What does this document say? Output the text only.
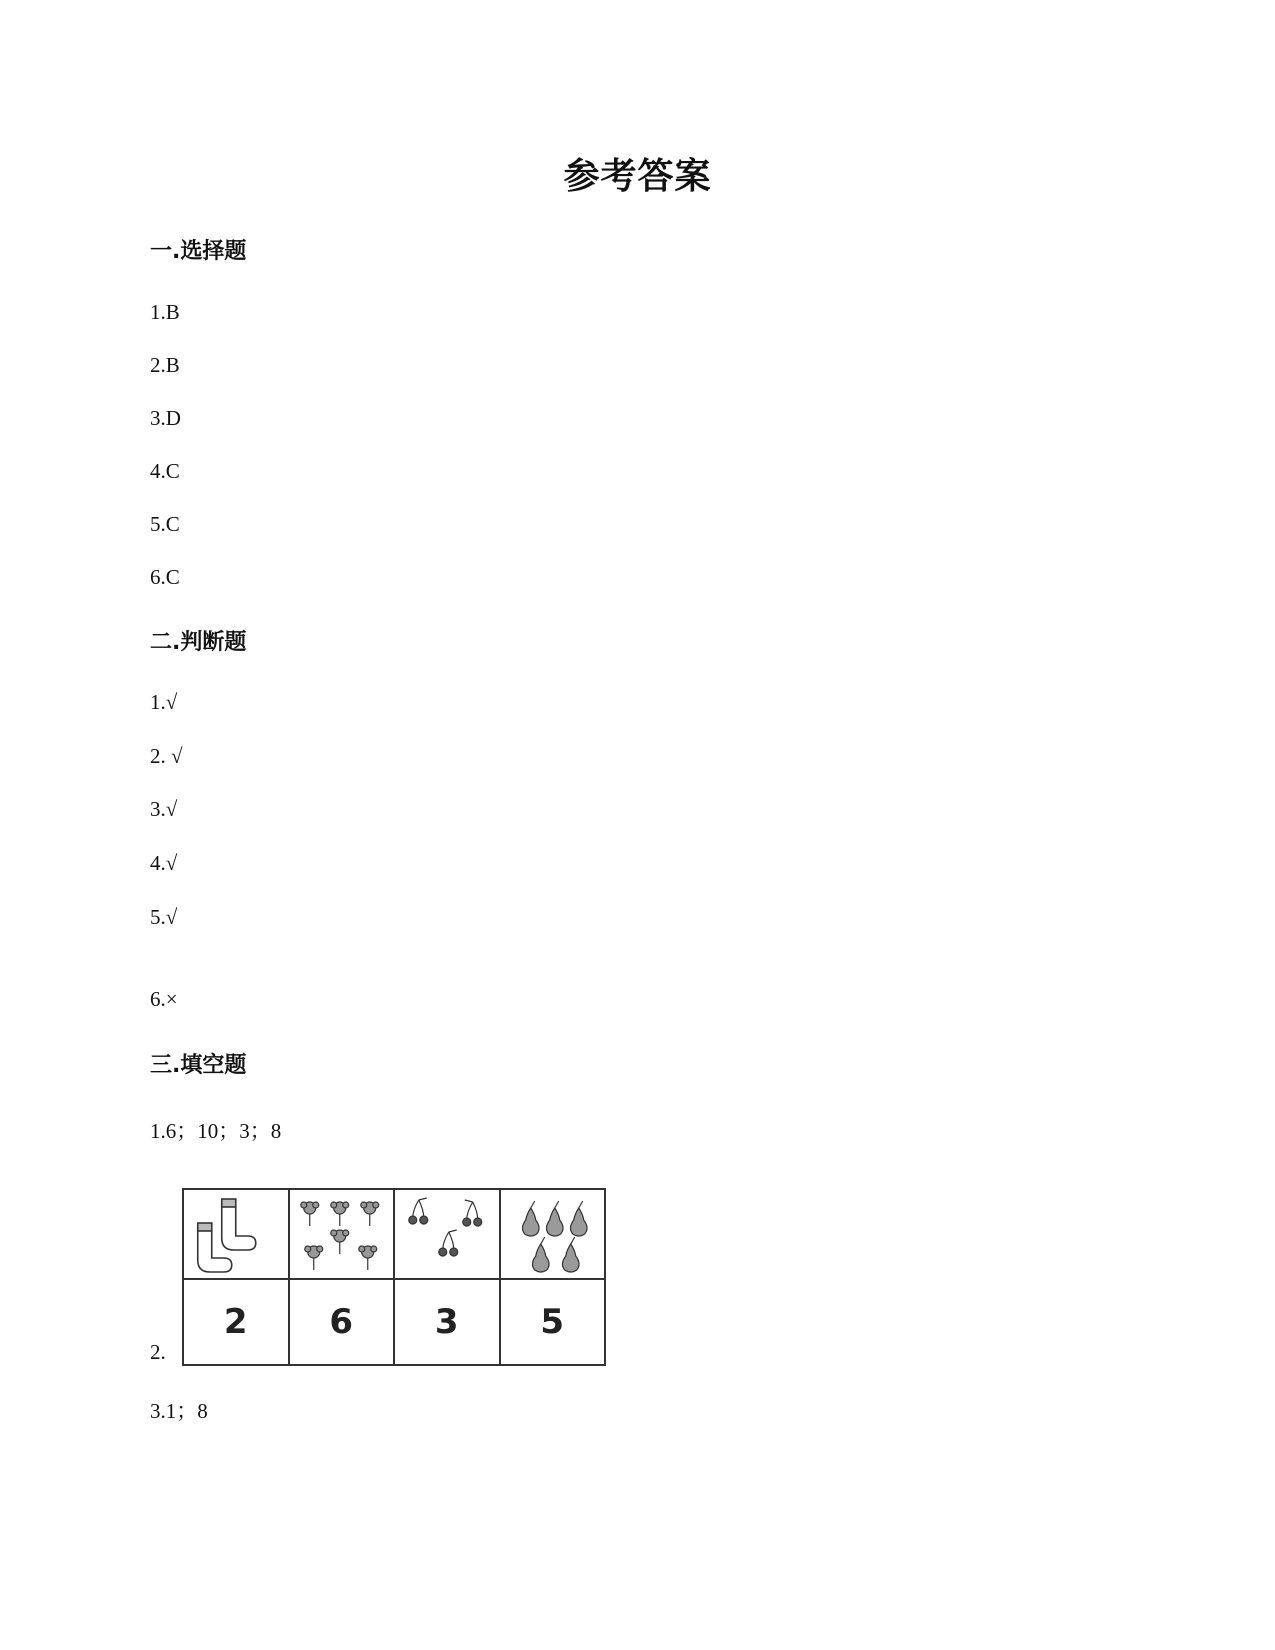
参考答案
一.选择题
1.B
2.B
3.D
4.C
5.C
6.C
二.判断题
1.√
2. √
3.√
4.√
5.√
6.×
三.填空题
1.6；10；3；8
2.

2	6	3	5
3.1；8
